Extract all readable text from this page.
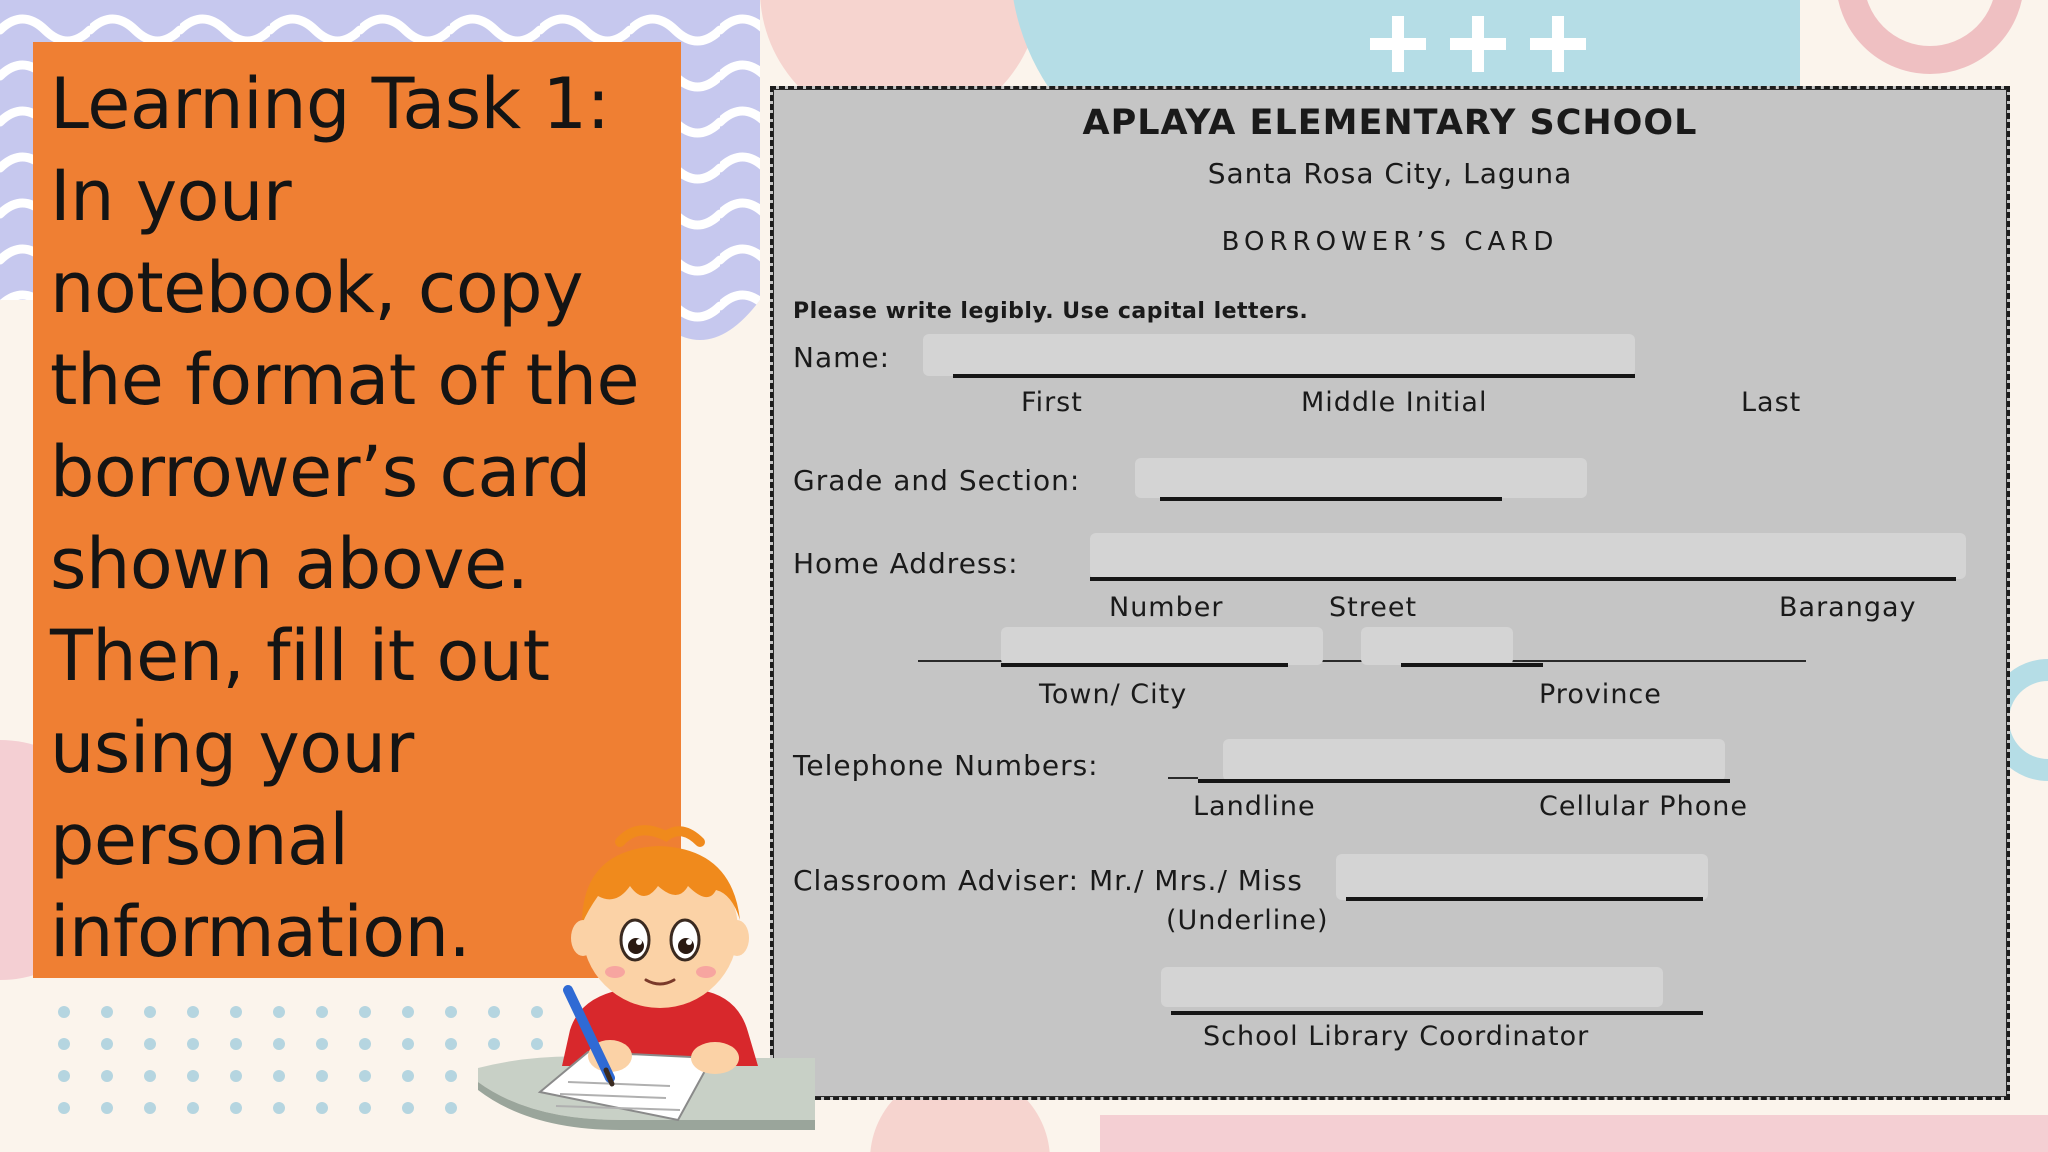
Learning Task 1:
In your
notebook, copy
the format of the
borrower’s card
shown above.
Then, fill it out
using your
personal
information.

APLAYA ELEMENTARY SCHOOL
Santa Rosa City, Laguna
BORROWER’S CARD
Please write legibly. Use capital letters.
Name:
First	Middle Initial	Last
Grade and Section:
Home Address:
Number	Street	Barangay
Town/ City	Province
Telephone Numbers:
Landline	Cellular Phone
Classroom Adviser: Mr./ Mrs./ Miss
(Underline)
School Library Coordinator
